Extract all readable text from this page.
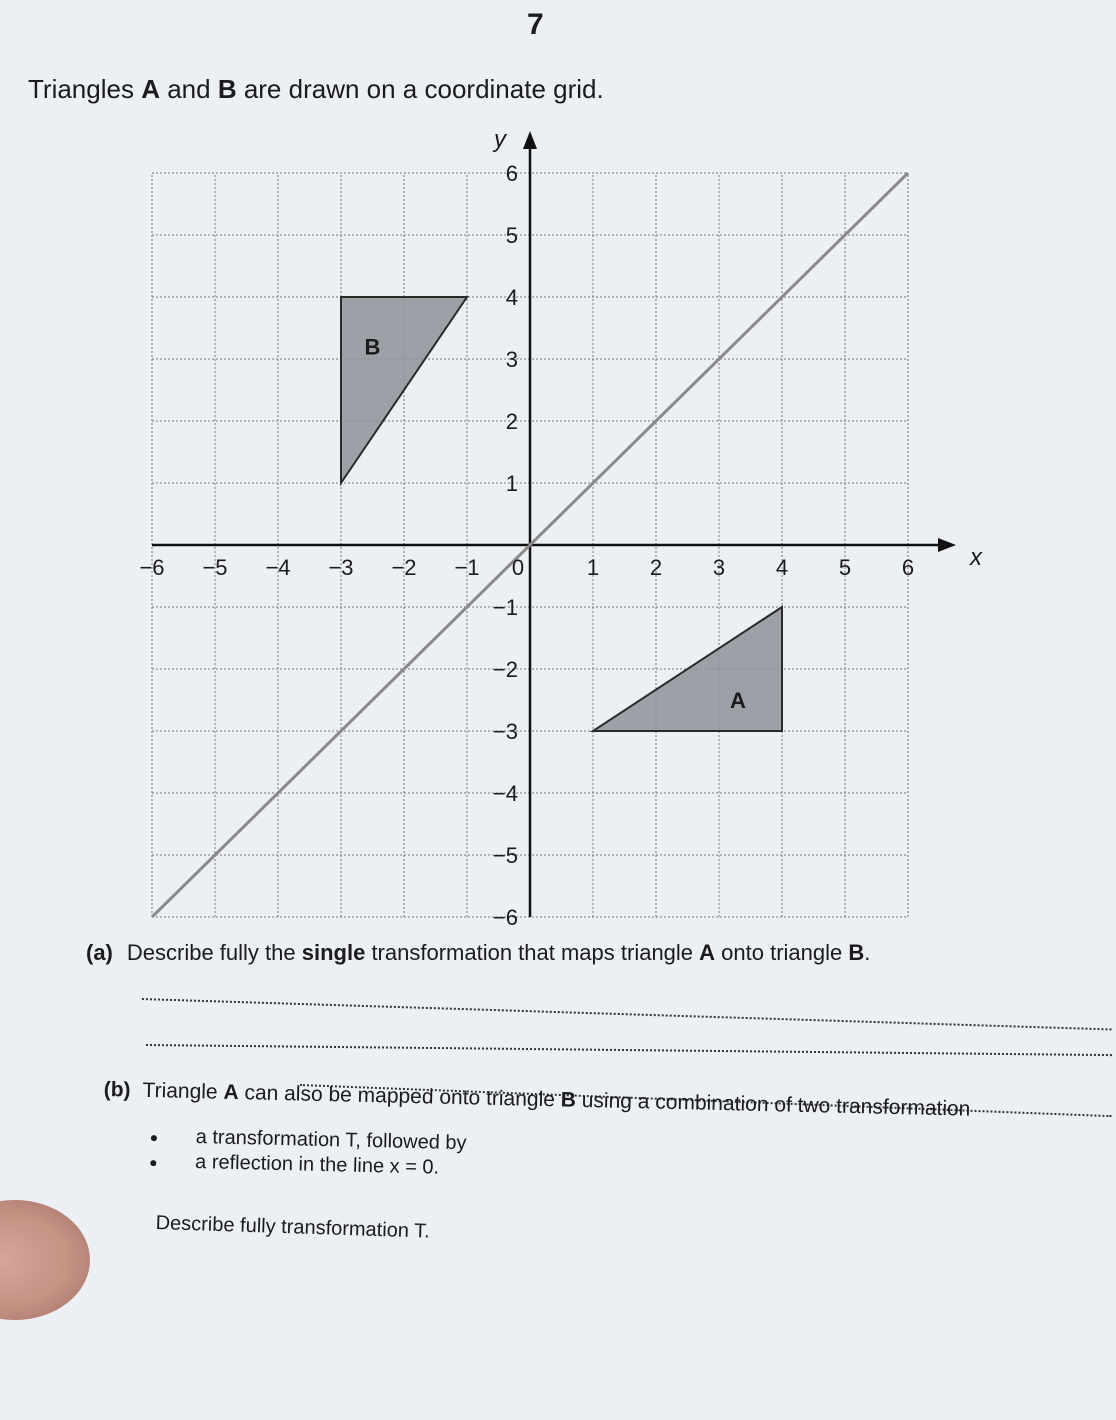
7
Triangles A and B are drawn on a coordinate grid.
−6 −5 −4 −3 −2 −1 0	1 2 3 4 5 6
6
5
4
3
2
1
−1
−2
−3
−4
−5
−6
x
y
A
B
(a) Describe fully the single transformation that maps triangle A onto triangle B.
(b) Triangle A can also be mapped onto triangle B using a combination of two transformation
●	a transformation T, followed by
●	a reflection in the line x = 0.
Describe fully transformation T.
